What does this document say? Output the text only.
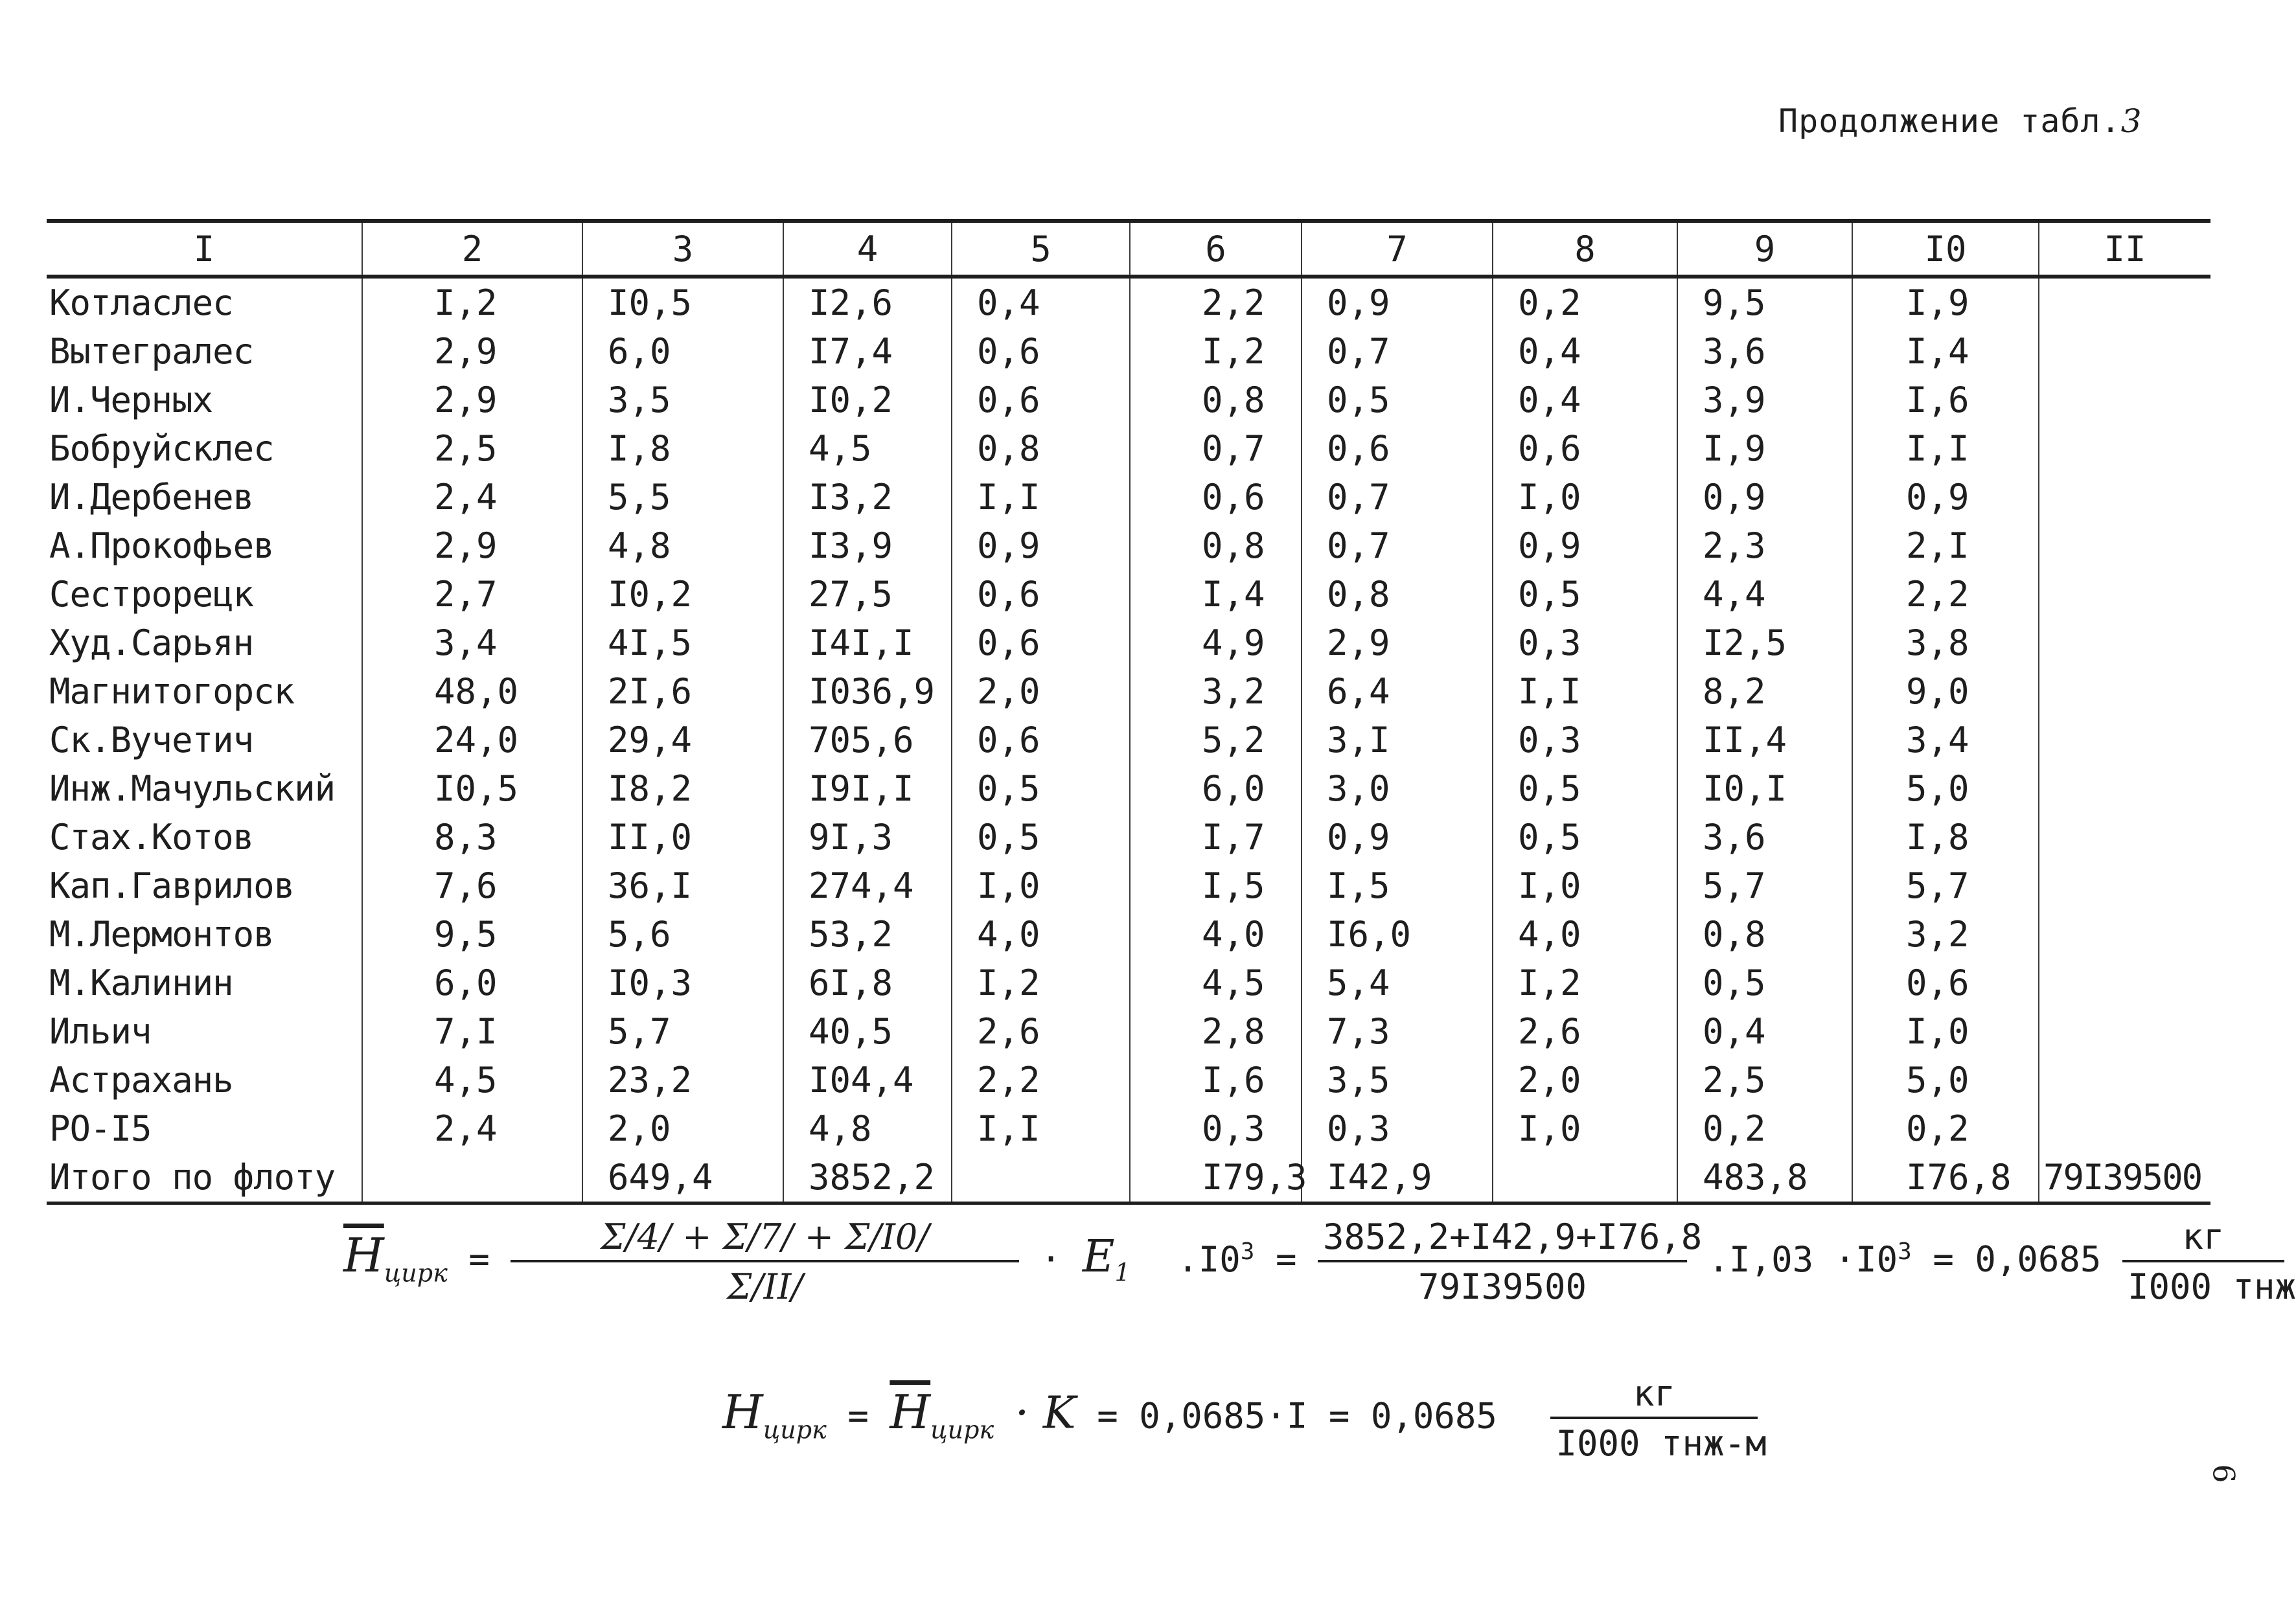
Продолжение табл.3
I	2	3	4	5	6	7	8	9	I0	II
Котласлес	I,2	I0,5	I2,6	0,4	2,2	0,9	0,2	9,5	I,9	
Вытегралес	2,9	6,0	I7,4	0,6	I,2	0,7	0,4	3,6	I,4	
И.Черных	2,9	3,5	I0,2	0,6	0,8	0,5	0,4	3,9	I,6	
Бобруйсклес	2,5	I,8	4,5	0,8	0,7	0,6	0,6	I,9	I,I	
И.Дербенев	2,4	5,5	I3,2	I,I	0,6	0,7	I,0	0,9	0,9	
А.Прокофьев	2,9	4,8	I3,9	0,9	0,8	0,7	0,9	2,3	2,I	
Сестрорецк	2,7	I0,2	27,5	0,6	I,4	0,8	0,5	4,4	2,2	
Худ.Сарьян	3,4	4I,5	I4I,I	0,6	4,9	2,9	0,3	I2,5	3,8	
Магнитогорск	48,0	2I,6	I036,9	2,0	3,2	6,4	I,I	8,2	9,0	
Ск.Вучетич	24,0	29,4	705,6	0,6	5,2	3,I	0,3	II,4	3,4	
Инж.Мачульский	I0,5	I8,2	I9I,I	0,5	6,0	3,0	0,5	I0,I	5,0	
Стах.Котов	8,3	II,0	9I,3	0,5	I,7	0,9	0,5	3,6	I,8	
Кап.Гаврилов	7,6	36,I	274,4	I,0	I,5	I,5	I,0	5,7	5,7	
М.Лермонтов	9,5	5,6	53,2	4,0	4,0	I6,0	4,0	0,8	3,2	
М.Калинин	6,0	I0,3	6I,8	I,2	4,5	5,4	I,2	0,5	0,6	
Ильич	7,I	5,7	40,5	2,6	2,8	7,3	2,6	0,4	I,0	
Астрахань	4,5	23,2	I04,4	2,2	I,6	3,5	2,0	2,5	5,0	
PO-I5	2,4	2,0	4,8	I,I	0,3	0,3	I,0	0,2	0,2	
Итого по флоту		649,4	3852,2		I79,3	I42,9		483,8	I76,8	79I39500
$\overline{H}_{цирк} = \frac{\Sigma/4/ + \Sigma/7/ + \Sigma/I0/}{\Sigma/II/} \cdot E_1$ $.I0^3 = \frac{3852,2+I42,9+I76,8}{79I39500} .I,03 \cdot I0^3 = 0,0685 \frac{кг}{\text{I000 тнж}}$
$H_{цирк} = \overline{H}_{цирк} \cdot K = 0,0685\cdot I = 0,0685 \frac{кг}{\text{I000 тнж-м}}$
6
